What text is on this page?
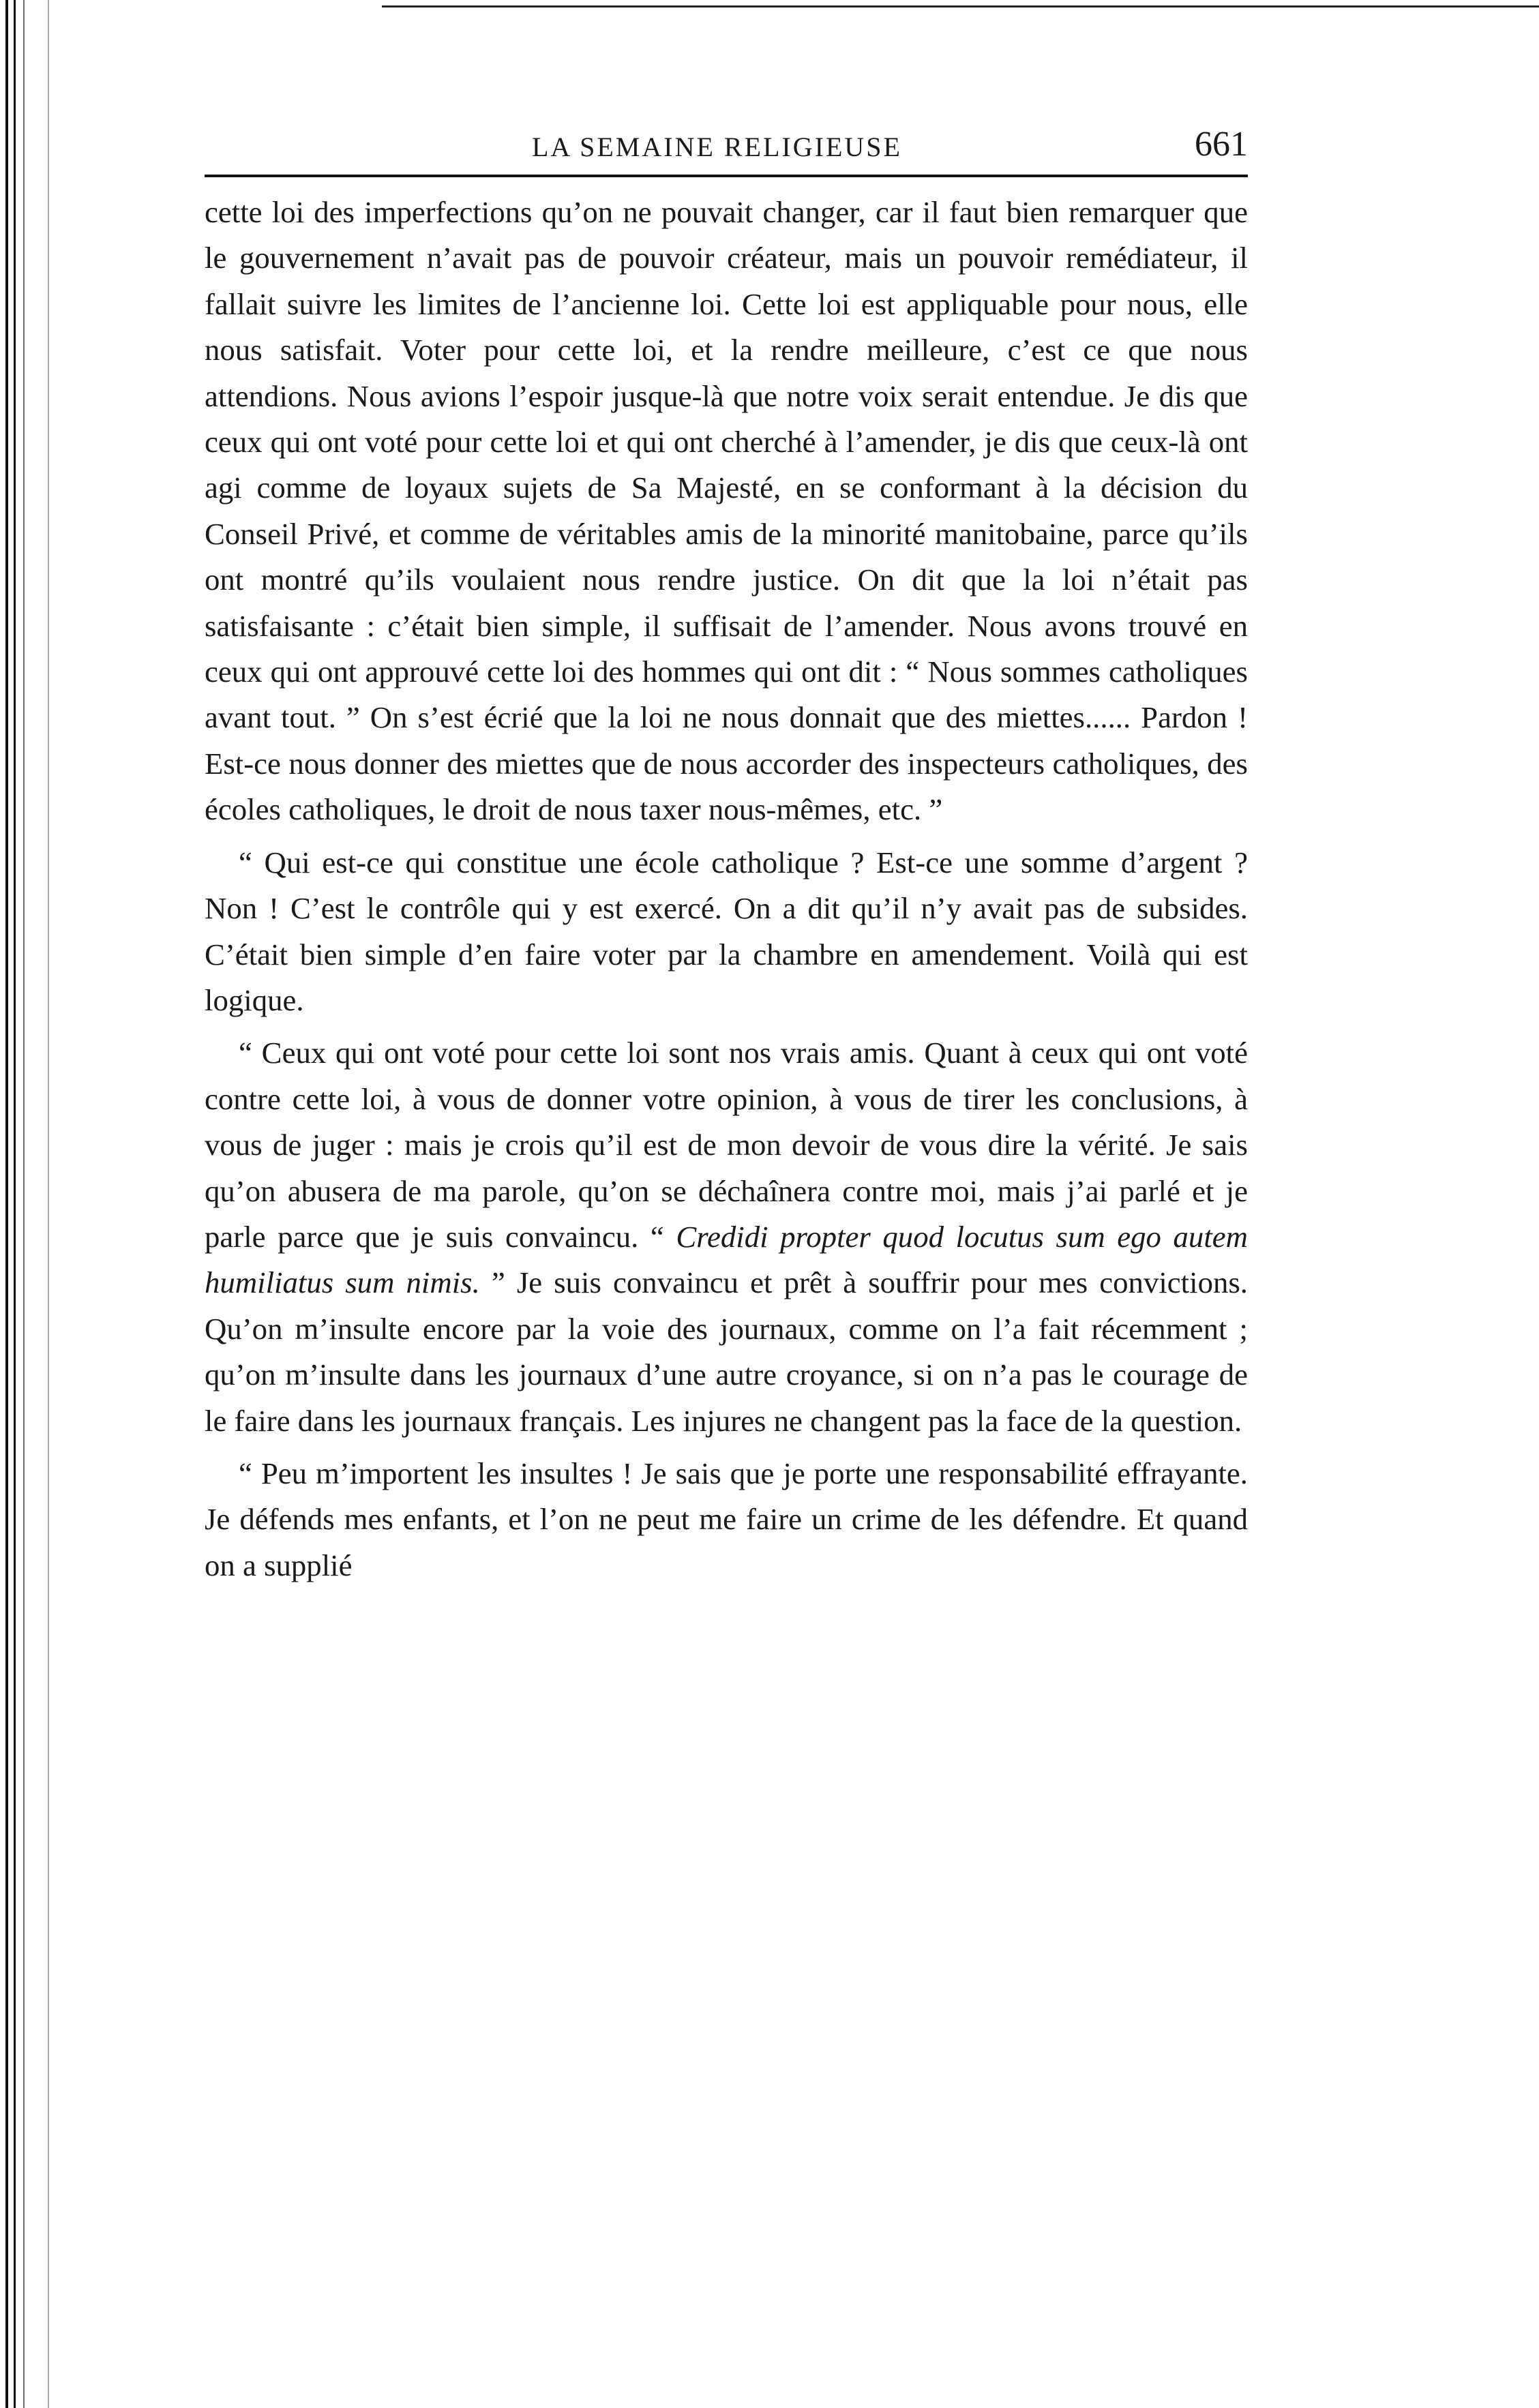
LA SEMAINE RELIGIEUSE	661

cette loi des imperfections qu’on ne pouvait changer, car il faut bien remarquer que le gouvernement n’avait pas de pouvoir créateur, mais un pouvoir remédiateur, il fallait suivre les limites de l’ancienne loi. Cette loi est appliquable pour nous, elle nous satisfait. Voter pour cette loi, et la rendre meilleure, c’est ce que nous attendions. Nous avions l’espoir jusque-là que notre voix serait entendue. Je dis que ceux qui ont voté pour cette loi et qui ont cherché à l’amender, je dis que ceux-là ont agi comme de loyaux sujets de Sa Majesté, en se conformant à la décision du Conseil Privé, et comme de véritables amis de la minorité manitobaine, parce qu’ils ont montré qu’ils voulaient nous rendre justice. On dit que la loi n’était pas satisfaisante : c’était bien simple, il suffisait de l’amender. Nous avons trouvé en ceux qui ont approuvé cette loi des hommes qui ont dit : “ Nous sommes catholiques avant tout. ” On s’est écrié que la loi ne nous donnait que des miettes...... Pardon ! Est-ce nous donner des miettes que de nous accorder des inspecteurs catholiques, des écoles catholiques, le droit de nous taxer nous-mêmes, etc. ”

“ Qui est-ce qui constitue une école catholique ? Est-ce une somme d’argent ? Non ! C’est le contrôle qui y est exercé. On a dit qu’il n’y avait pas de subsides. C’était bien simple d’en faire voter par la chambre en amendement. Voilà qui est logique.

“ Ceux qui ont voté pour cette loi sont nos vrais amis. Quant à ceux qui ont voté contre cette loi, à vous de donner votre opinion, à vous de tirer les conclusions, à vous de juger : mais je crois qu’il est de mon devoir de vous dire la vérité. Je sais qu’on abusera de ma parole, qu’on se déchaînera contre moi, mais j’ai parlé et je parle parce que je suis convaincu. “ Credidi propter quod locutus sum ego autem humiliatus sum nimis. ” Je suis convaincu et prêt à souffrir pour mes convictions. Qu’on m’insulte encore par la voie des journaux, comme on l’a fait récemment ; qu’on m’insulte dans les journaux d’une autre croyance, si on n’a pas le courage de le faire dans les journaux français. Les injures ne changent pas la face de la question.

“ Peu m’importent les insultes ! Je sais que je porte une responsabilité effrayante. Je défends mes enfants, et l’on ne peut me faire un crime de les défendre. Et quand on a supplié
